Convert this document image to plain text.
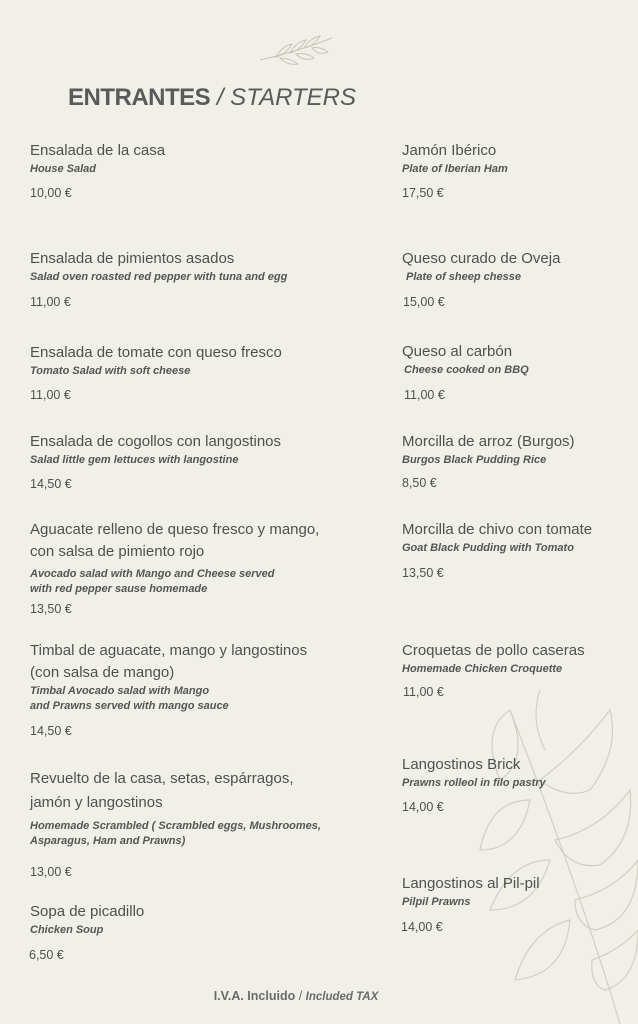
ENTRANTES / STARTERS

Ensalada de la casa

House Salad

10,00 €

Ensalada de pimientos asados

Salad oven roasted red pepper with tuna and egg

11,00 €

Ensalada de tomate con queso fresco

Tomato Salad with soft cheese

11,00 €

Ensalada de cogollos con langostinos

Salad little gem lettuces with langostine

14,50 €

Aguacate relleno de queso fresco y mango,

con salsa de pimiento rojo

Avocado salad with Mango and Cheese served

with red pepper sause homemade

13,50 €

Timbal de aguacate, mango y langostinos

(con salsa de mango)

Timbal Avocado salad with Mango

and Prawns served with mango sauce

14,50 €

Revuelto de la casa, setas, espárragos,

jamón y langostinos

Homemade Scrambled ( Scrambled eggs, Mushroomes,

Asparagus, Ham and Prawns)

13,00 €

Sopa de picadillo

Chicken Soup

6,50 €

Jamón Ibérico

Plate of Iberian Ham

17,50 €

Queso curado de Oveja

Plate of sheep chesse

15,00 €

Queso al carbón

Cheese cooked on BBQ

11,00 €

Morcilla de arroz (Burgos)

Burgos Black Pudding Rice

8,50 €

Morcilla de chivo con tomate

Goat Black Pudding with Tomato

13,50 €

Croquetas de pollo caseras

Homemade Chicken Croquette

11,00 €

Langostinos Brick

Prawns rolleol in filo pastry

14,00 €

Langostinos al Pil-pil

Pilpil Prawns

14,00 €
I.V.A. Incluido / Included TAX
